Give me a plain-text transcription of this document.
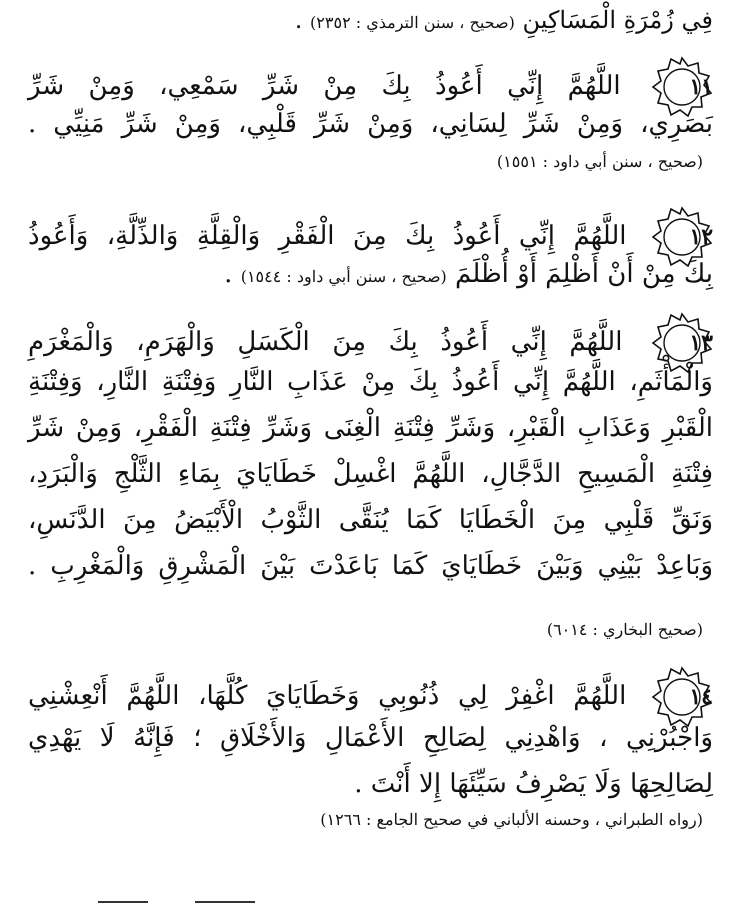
فِي زُمْرَةِ الْمَسَاكِينِ (صحيح ، سنن الترمذي : ٢٣٥٢) .
١١
اللَّهُمَّ إِنِّي أَعُوذُ بِكَ مِنْ شَرِّ سَمْعِي، وَمِنْ شَرِّ
بَصَرِي، وَمِنْ شَرِّ لِسَانِي، وَمِنْ شَرِّ قَلْبِي، وَمِنْ شَرِّ مَنِيِّي .
(صحيح ، سنن أبي داود : ١٥٥١)
١٢
اللَّهُمَّ إِنِّي أَعُوذُ بِكَ مِنَ الْفَقْرِ وَالْقِلَّةِ وَالذِّلَّةِ، وَأَعُوذُ
بِكَ مِنْ أَنْ أَظْلِمَ أَوْ أُظْلَمَ (صحيح ، سنن أبي داود : ١٥٤٤) .
١٣
اللَّهُمَّ إِنِّي أَعُوذُ بِكَ مِنَ الْكَسَلِ وَالْهَرَمِ، وَالْمَغْرَمِ
وَالْمَأْثَمِ، اللَّهُمَّ إِنِّي أَعُوذُ بِكَ مِنْ عَذَابِ النَّارِ وَفِتْنَةِ النَّارِ، وَفِتْنَةِ
الْقَبْرِ وَعَذَابِ الْقَبْرِ، وَشَرِّ فِتْنَةِ الْغِنَى وَشَرِّ فِتْنَةِ الْفَقْرِ، وَمِنْ شَرِّ
فِتْنَةِ الْمَسِيحِ الدَّجَّالِ، اللَّهُمَّ اغْسِلْ خَطَايَايَ بِمَاءِ الثَّلْجِ وَالْبَرَدِ،
وَنَقِّ قَلْبِي مِنَ الْخَطَايَا كَمَا يُنَقَّى الثَّوْبُ الْأَبْيَضُ مِنَ الدَّنَسِ،
وَبَاعِدْ بَيْنِي وَبَيْنَ خَطَايَايَ كَمَا بَاعَدْتَ بَيْنَ الْمَشْرِقِ وَالْمَغْرِبِ .
(صحيح البخاري : ٦٠١٤)
١٤
اللَّهُمَّ اغْفِرْ لِي ذُنُوبِي وَخَطَايَايَ كُلَّهَا، اللَّهُمَّ أَنْعِشْنِي
وَاجْبُرْنِي ، وَاهْدِنِي لِصَالِحِ الأَعْمَالِ وَالأَخْلَاقِ ؛ فَإِنَّهُ لَا يَهْدِي
لِصَالِحِهَا وَلَا يَصْرِفُ سَيِّئَهَا إِلا أَنْتَ .
(رواه الطبراني ، وحسنه الألباني في صحيح الجامع : ١٢٦٦)
